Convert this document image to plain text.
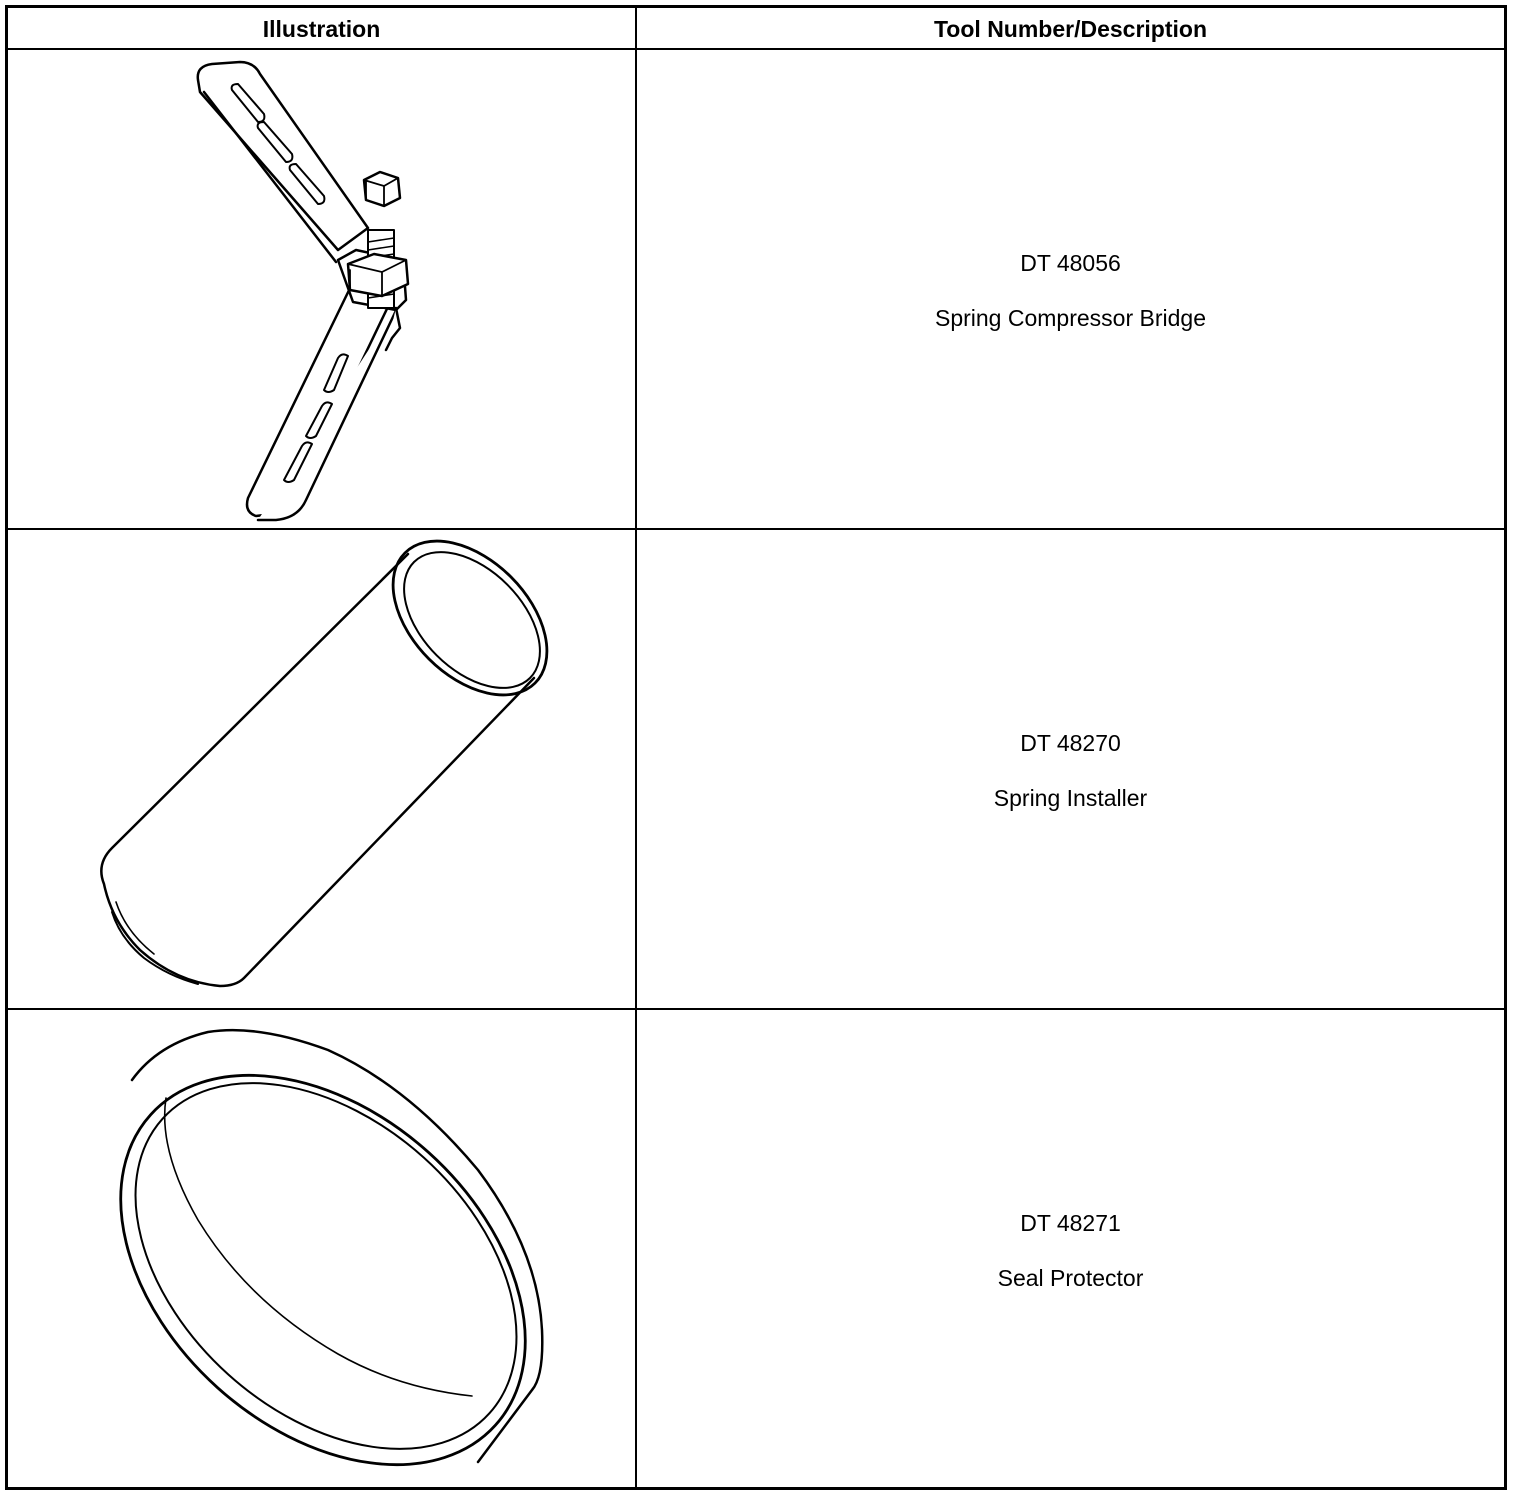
Illustration	Tool Number/Description
DT 48056
Spring Compressor Bridge
DT 48270
Spring Installer
DT 48271
Seal Protector
